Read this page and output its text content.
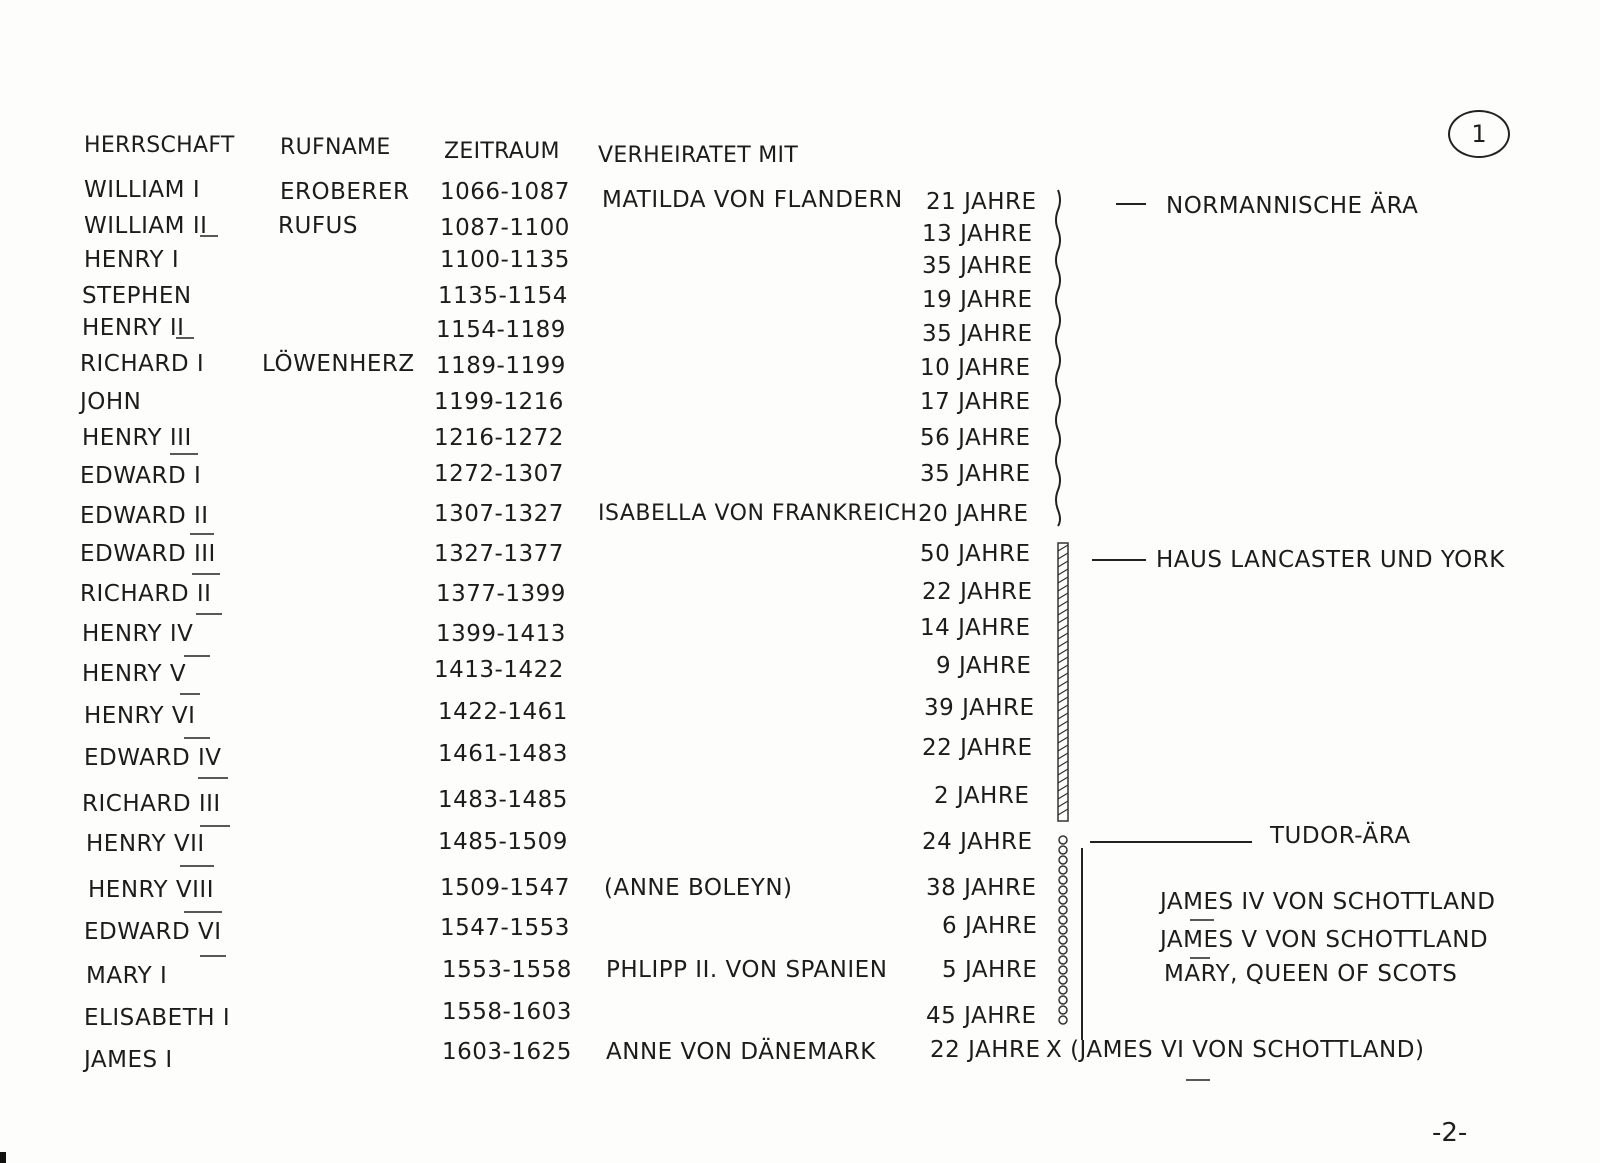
1
HERRSCHAFT RUFNAME ZEITRAUM VERHEIRATET MIT
WILLIAM I
WILLIAM II
HENRY I
STEPHEN
HENRY II
RICHARD I
JOHN
HENRY III
EDWARD I
EDWARD II
EDWARD III
RICHARD II
HENRY IV
HENRY V
HENRY VI
EDWARD IV
RICHARD III
HENRY VII
HENRY VIII
EDWARD VI
MARY I
ELISABETH I
JAMES I
EROBERER
RUFUS
LÖWENHERZ
1066-1087
1087-1100
1100-1135
1135-1154
1154-1189
1189-1199
1199-1216
1216-1272
1272-1307
1307-1327
1327-1377
1377-1399
1399-1413
1413-1422
1422-1461
1461-1483
1483-1485
1485-1509
1509-1547
1547-1553
1553-1558
1558-1603
1603-1625
MATILDA VON FLANDERN
ISABELLA VON FRANKREICH
(ANNE BOLEYN)
PHLIPP II. VON SPANIEN
ANNE VON DÄNEMARK
21 JAHRE
13 JAHRE
35 JAHRE
19 JAHRE
35 JAHRE
10 JAHRE
17 JAHRE
56 JAHRE
35 JAHRE
20 JAHRE
50 JAHRE
22 JAHRE
14 JAHRE
9 JAHRE
39 JAHRE
22 JAHRE
2 JAHRE
24 JAHRE
38 JAHRE
6 JAHRE
5 JAHRE
45 JAHRE
22 JAHRE
NORMANNISCHE ÄRA
HAUS LANCASTER UND YORK
TUDOR-ÄRA
JAMES IV VON SCHOTTLAND
JAMES V VON SCHOTTLAND
MARY, QUEEN OF SCOTS
X (JAMES VI VON SCHOTTLAND)
-2-
